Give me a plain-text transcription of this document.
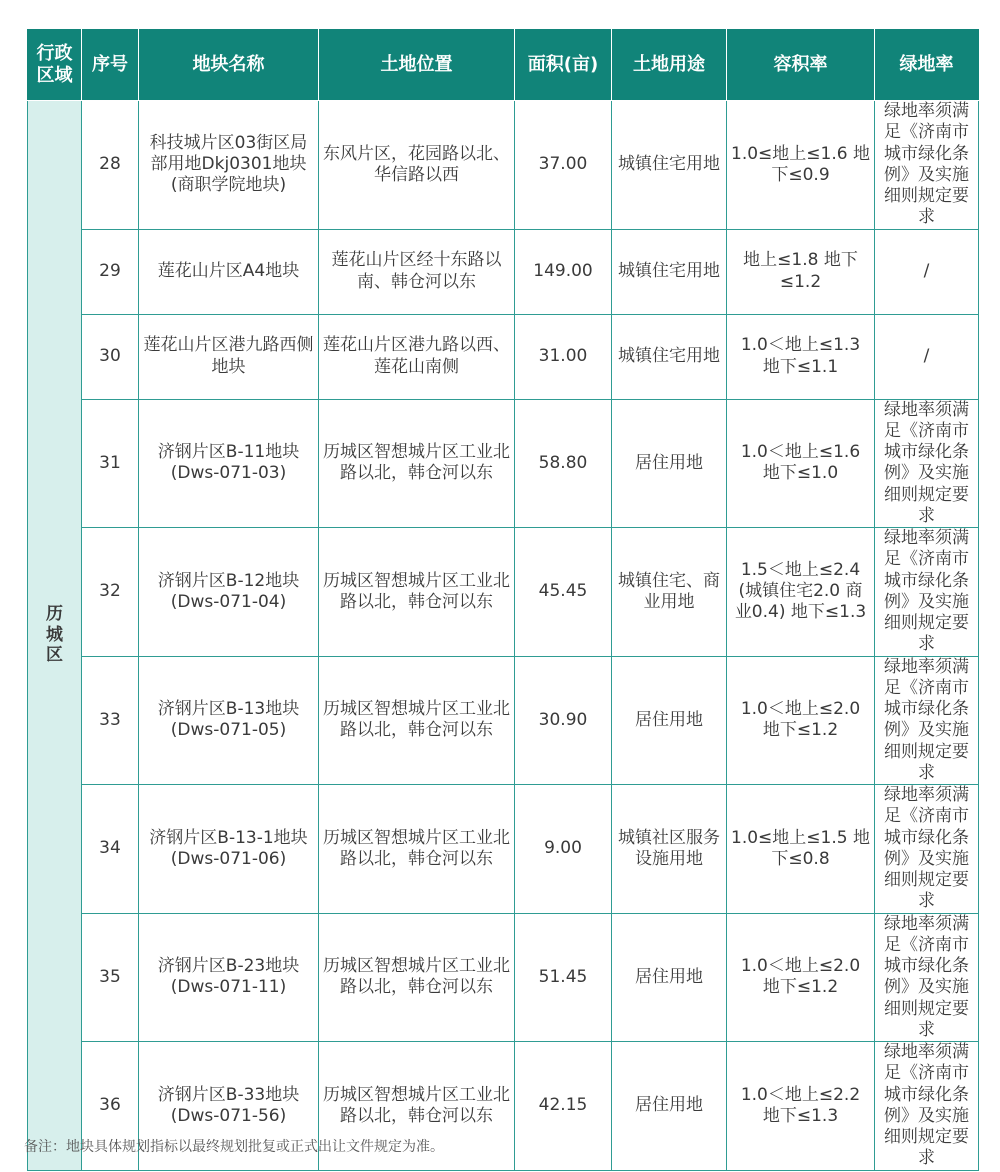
行政区域	序号	地块名称	土地位置	面积(亩)	土地用途	容积率	绿地率
历城区	28	科技城片区03街区局部用地Dkj0301地块(商职学院地块)	东风片区，花园路以北、华信路以西	37.00	城镇住宅用地	1.0≤地上≤1.6 地下≤0.9	绿地率须满足《济南市城市绿化条例》及实施细则规定要求
	29	莲花山片区A4地块	莲花山片区经十东路以南、韩仓河以东	149.00	城镇住宅用地	地上≤1.8 地下≤1.2	/
	30	莲花山片区港九路西侧地块	莲花山片区港九路以西、莲花山南侧	31.00	城镇住宅用地	1.0＜地上≤1.3 地下≤1.1	/
	31	济钢片区B-11地块(Dws-071-03)	历城区智想城片区工业北路以北，韩仓河以东	58.80	居住用地	1.0＜地上≤1.6 地下≤1.0	绿地率须满足《济南市城市绿化条例》及实施细则规定要求
	32	济钢片区B-12地块(Dws-071-04)	历城区智想城片区工业北路以北，韩仓河以东	45.45	城镇住宅、商业用地	1.5＜地上≤2.4 (城镇住宅2.0 商业0.4) 地下≤1.3	绿地率须满足《济南市城市绿化条例》及实施细则规定要求
	33	济钢片区B-13地块(Dws-071-05)	历城区智想城片区工业北路以北，韩仓河以东	30.90	居住用地	1.0＜地上≤2.0 地下≤1.2	绿地率须满足《济南市城市绿化条例》及实施细则规定要求
	34	济钢片区B-13-1地块(Dws-071-06)	历城区智想城片区工业北路以北，韩仓河以东	9.00	城镇社区服务设施用地	1.0≤地上≤1.5 地下≤0.8	绿地率须满足《济南市城市绿化条例》及实施细则规定要求
	35	济钢片区B-23地块(Dws-071-11)	历城区智想城片区工业北路以北，韩仓河以东	51.45	居住用地	1.0＜地上≤2.0 地下≤1.2	绿地率须满足《济南市城市绿化条例》及实施细则规定要求
	36	济钢片区B-33地块(Dws-071-56)	历城区智想城片区工业北路以北，韩仓河以东	42.15	居住用地	1.0＜地上≤2.2 地下≤1.3	绿地率须满足《济南市城市绿化条例》及实施细则规定要求
备注：地块具体规划指标以最终规划批复或正式出让文件规定为准。
